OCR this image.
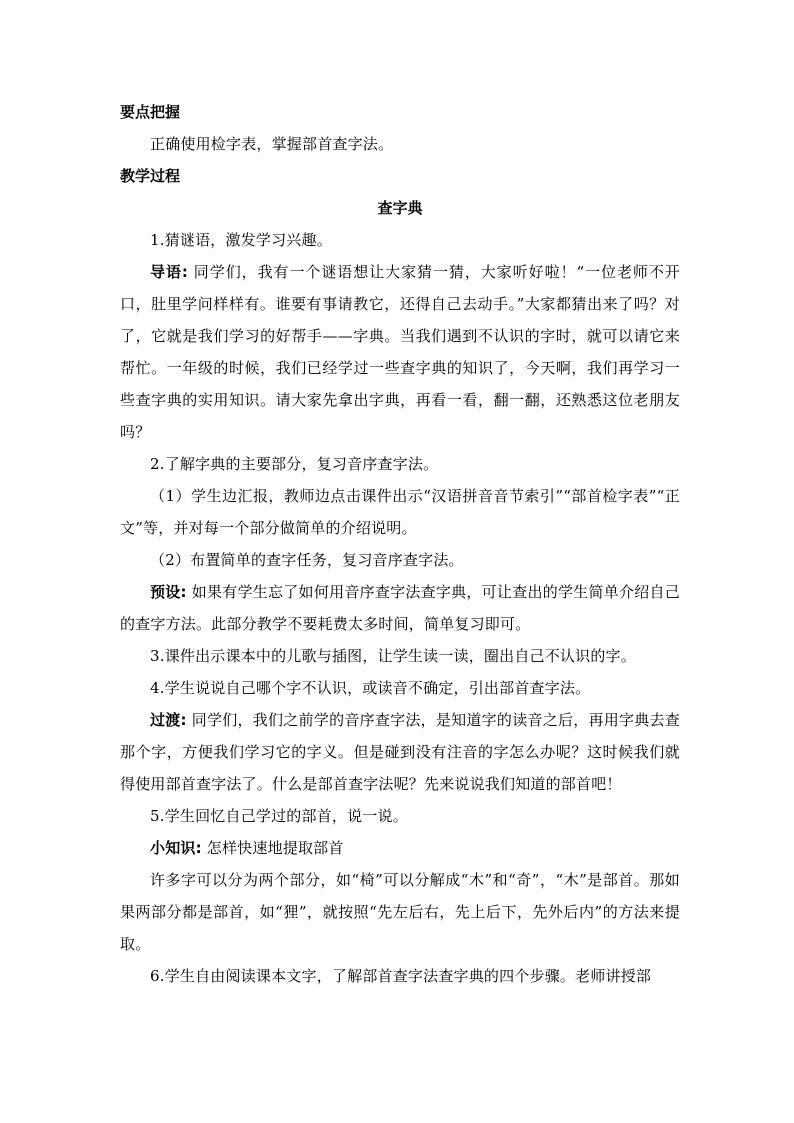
要点把握

正确使用检字表，掌握部首查字法。

教学过程

查字典

1.猜谜语，激发学习兴趣。

导语: 同学们，我有一个谜语想让大家猜一猜，大家听好啦！“一位老师不开口，肚里学问样样有。谁要有事请教它，还得自己去动手。”大家都猜出来了吗？对了，它就是我们学习的好帮手——字典。当我们遇到不认识的字时，就可以请它来帮忙。一年级的时候，我们已经学过一些查字典的知识了，今天啊，我们再学习一些查字典的实用知识。请大家先拿出字典，再看一看，翻一翻，还熟悉这位老朋友吗？

2.了解字典的主要部分，复习音序查字法。

（1）学生边汇报，教师边点击课件出示“汉语拼音音节索引”“部首检字表”“正文”等，并对每一个部分做简单的介绍说明。

（2）布置简单的查字任务，复习音序查字法。

预设: 如果有学生忘了如何用音序查字法查字典，可让查出的学生简单介绍自己的查字方法。此部分教学不要耗费太多时间，简单复习即可。

3.课件出示课本中的儿歌与插图，让学生读一读，圈出自己不认识的字。

4.学生说说自己哪个字不认识，或读音不确定，引出部首查字法。

过渡: 同学们，我们之前学的音序查字法，是知道字的读音之后，再用字典去查那个字，方便我们学习它的字义。但是碰到没有注音的字怎么办呢？这时候我们就得使用部首查字法了。什么是部首查字法呢？先来说说我们知道的部首吧！

5.学生回忆自己学过的部首，说一说。

小知识: 怎样快速地提取部首

许多字可以分为两个部分，如“椅”可以分解成“木”和“奇”，“木”是部首。那如果两部分都是部首，如“狸”，就按照“先左后右，先上后下，先外后内”的方法来提取。

6.学生自由阅读课本文字，了解部首查字法查字典的四个步骤。老师讲授部
